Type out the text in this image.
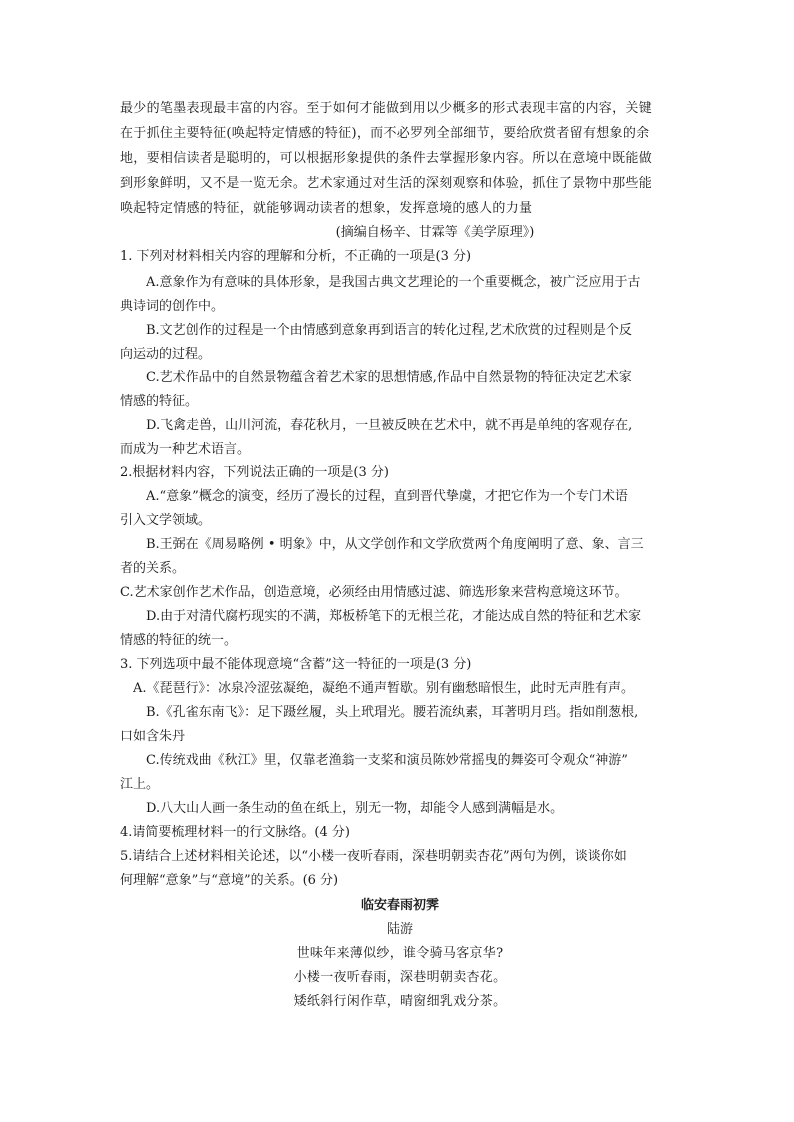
最少的笔墨表现最丰富的内容。至于如何才能做到用以少概多的形式表现丰富的内容，关键
在于抓住主要特征(唤起特定情感的特征)，而不必罗列全部细节，要给欣赏者留有想象的余
地，要相信读者是聪明的，可以根据形象提供的条件去掌握形象内容。所以在意境中既能做
到形象鲜明，又不是一览无余。艺术家通过对生活的深刻观察和体验，抓住了景物中那些能
唤起特定情感的特征，就能够调动读者的想象，发挥意境的感人的力量
(摘编自杨辛、甘霖等《美学原理》)
1. 下列对材料相关内容的理解和分析，不正确的一项是(3 分)
A.意象作为有意味的具体形象，是我国古典文艺理论的一个重要概念，被广泛应用于古
典诗词的创作中。
B.文艺创作的过程是一个由情感到意象再到语言的转化过程,艺术欣赏的过程则是个反
向运动的过程。
C.艺术作品中的自然景物蕴含着艺术家的思想情感,作品中自然景物的特征决定艺术家
情感的特征。
D.飞禽走兽，山川河流，春花秋月，一旦被反映在艺术中，就不再是单纯的客观存在,
而成为一种艺术语言。
2.根据材料内容，下列说法正确的一项是(3 分)
A.“意象”概念的演变，经历了漫长的过程，直到晋代挚虞，才把它作为一个专门术语
引入文学领域。
B.王弼在《周易略例 • 明象》中，从文学创作和文学欣赏两个角度阐明了意、象、言三
者的关系。
C.艺术家创作艺术作品，创造意境，必须经由用情感过滤、筛选形象来营构意境这环节。
D.由于对清代腐朽现实的不满，郑板桥笔下的无根兰花，才能达成自然的特征和艺术家
情感的特征的统一。
3. 下列选项中最不能体现意境“含蓄”这一特征的一项是(3 分)
A.《琵琶行》：冰泉冷涩弦凝绝，凝绝不通声暂歇。别有幽愁暗恨生，此时无声胜有声。
B.《孔雀东南飞》：足下蹑丝履，头上玳瑁光。腰若流纨素，耳著明月珰。指如削葱根,
口如含朱丹
C.传统戏曲《秋江》里，仅靠老渔翁一支桨和演员陈妙常摇曳的舞姿可令观众“神游”
江上。
D.八大山人画一条生动的鱼在纸上，别无一物，却能令人感到满幅是水。
4.请简要梳理材料一的行文脉络。(4 分)
5.请结合上述材料相关论述，以“小楼一夜听春雨，深巷明朝卖杏花”两句为例，谈谈你如
何理解“意象”与“意境”的关系。(6 分)
临安春雨初霁
陆游
世味年来薄似纱，谁令骑马客京华?
小楼一夜听春雨，深巷明朝卖杏花。
矮纸斜行闲作草，晴窗细乳戏分茶。
